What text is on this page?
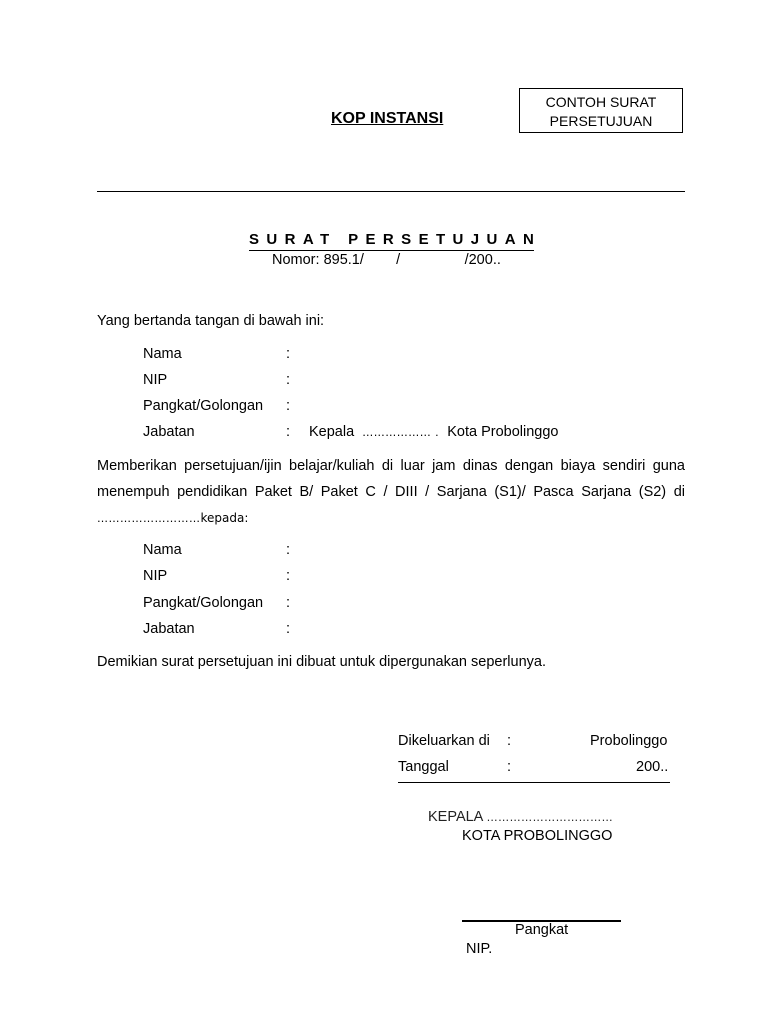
CONTOH SURAT
PERSETUJUAN
KOP INSTANSI
SURAT PERSETUJUAN
Nomor: 895.1/        /                /200..
Yang bertanda tangan di bawah ini:
Nama	:
NIP	:
Pangkat/Golongan :
Jabatan	: Kepala ……………… . Kota Probolinggo
Memberikan persetujuan/ijin belajar/kuliah di luar jam dinas dengan biaya sendiri guna menempuh pendidikan Paket B/ Paket C / DIII / Sarjana (S1)/ Pasca Sarjana (S2) di ………………………kepada:
Nama	:
NIP	:
Pangkat/Golongan :
Jabatan	:
Demikian surat persetujuan ini dibuat untuk dipergunakan seperlunya.
Dikeluarkan di :	Probolinggo
Tanggal	:	200..
KEPALA ……………………………
KOTA PROBOLINGGO
Pangkat
NIP.
